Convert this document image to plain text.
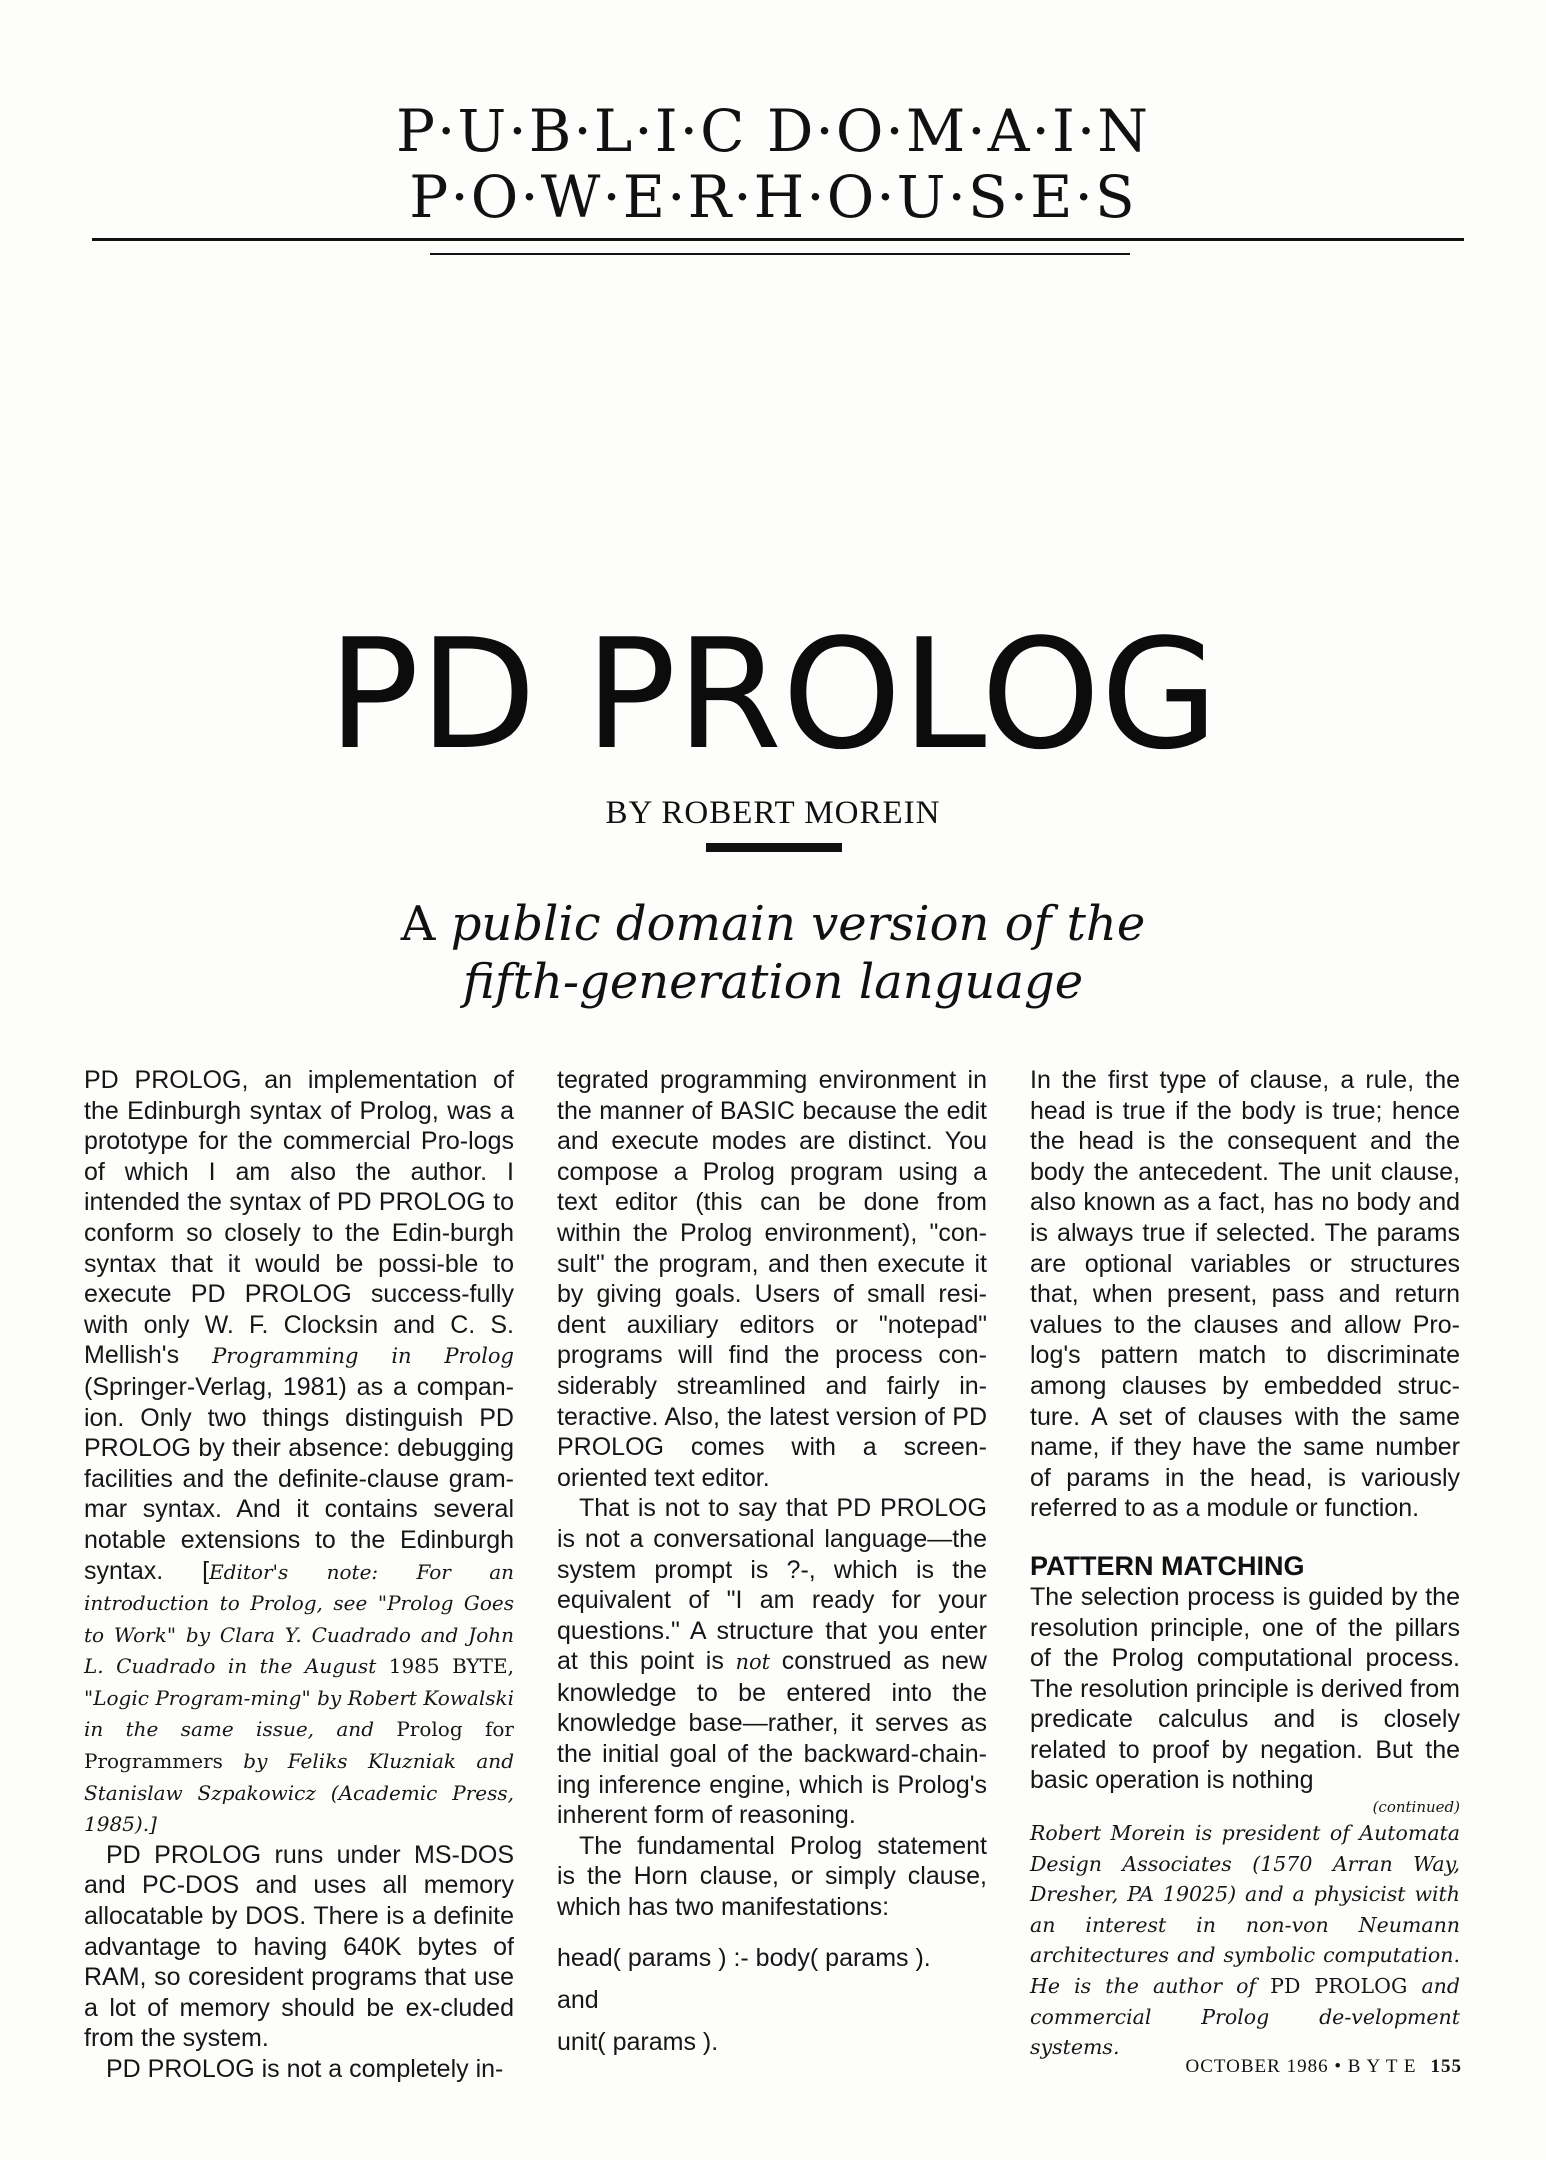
P·U·B·L·I·C D·O·M·A·I·N
P·O·W·E·R·H·O·U·S·E·S
PD PROLOG
BY ROBERT MOREIN
A public domain version of the
fifth-generation language

PD PROLOG, an implementation of the Edinburgh syntax of Prolog, was a prototype for the commercial Pro-logs of which I am also the author. I intended the syntax of PD PROLOG to conform so closely to the Edin-burgh syntax that it would be possi-ble to execute PD PROLOG success-fully with only W. F. Clocksin and C. S. Mellish's Programming in Prolog (Springer-Verlag, 1981) as a compan-ion. Only two things distinguish PD PROLOG by their absence: debugging facilities and the definite-clause gram-mar syntax. And it contains several notable extensions to the Edinburgh syntax. [Editor's note: For an introduction to Prolog, see "Prolog Goes to Work" by Clara Y. Cuadrado and John L. Cuadrado in the August 1985 BYTE, "Logic Program-ming" by Robert Kowalski in the same issue, and Prolog for Programmers by Feliks Kluzniak and Stanislaw Szpakowicz (Academic Press, 1985).]

PD PROLOG runs under MS-DOS and PC-DOS and uses all memory allocatable by DOS. There is a definite advantage to having 640K bytes of RAM, so coresident programs that use a lot of memory should be ex-cluded from the system.

PD PROLOG is not a completely in-

tegrated programming environment in the manner of BASIC because the edit and execute modes are distinct. You compose a Prolog program using a text editor (this can be done from within the Prolog environment), "con-sult" the program, and then execute it by giving goals. Users of small resi-dent auxiliary editors or "notepad" programs will find the process con-siderably streamlined and fairly in-teractive. Also, the latest version of PD PROLOG comes with a screen-oriented text editor.

That is not to say that PD PROLOG is not a conversational language—the system prompt is ?-, which is the equivalent of "I am ready for your questions." A structure that you enter at this point is not construed as new knowledge to be entered into the knowledge base—rather, it serves as the initial goal of the backward-chain-ing inference engine, which is Prolog's inherent form of reasoning.

The fundamental Prolog statement is the Horn clause, or simply clause, which has two manifestations:

head( params ) :- body( params ).

and

unit( params ).

In the first type of clause, a rule, the head is true if the body is true; hence the head is the consequent and the body the antecedent. The unit clause, also known as a fact, has no body and is always true if selected. The params are optional variables or structures that, when present, pass and return values to the clauses and allow Pro-log's pattern match to discriminate among clauses by embedded struc-ture. A set of clauses with the same name, if they have the same number of params in the head, is variously referred to as a module or function.

PATTERN MATCHING

The selection process is guided by the resolution principle, one of the pillars of the Prolog computational process. The resolution principle is derived from predicate calculus and is closely related to proof by negation. But the basic operation is nothing

(continued)

Robert Morein is president of Automata Design Associates (1570 Arran Way, Dresher, PA 19025) and a physicist with an interest in non-von Neumann architectures and symbolic computation. He is the author of PD PROLOG and commercial Prolog de-velopment systems.

OCTOBER 1986 • B Y T E 155
